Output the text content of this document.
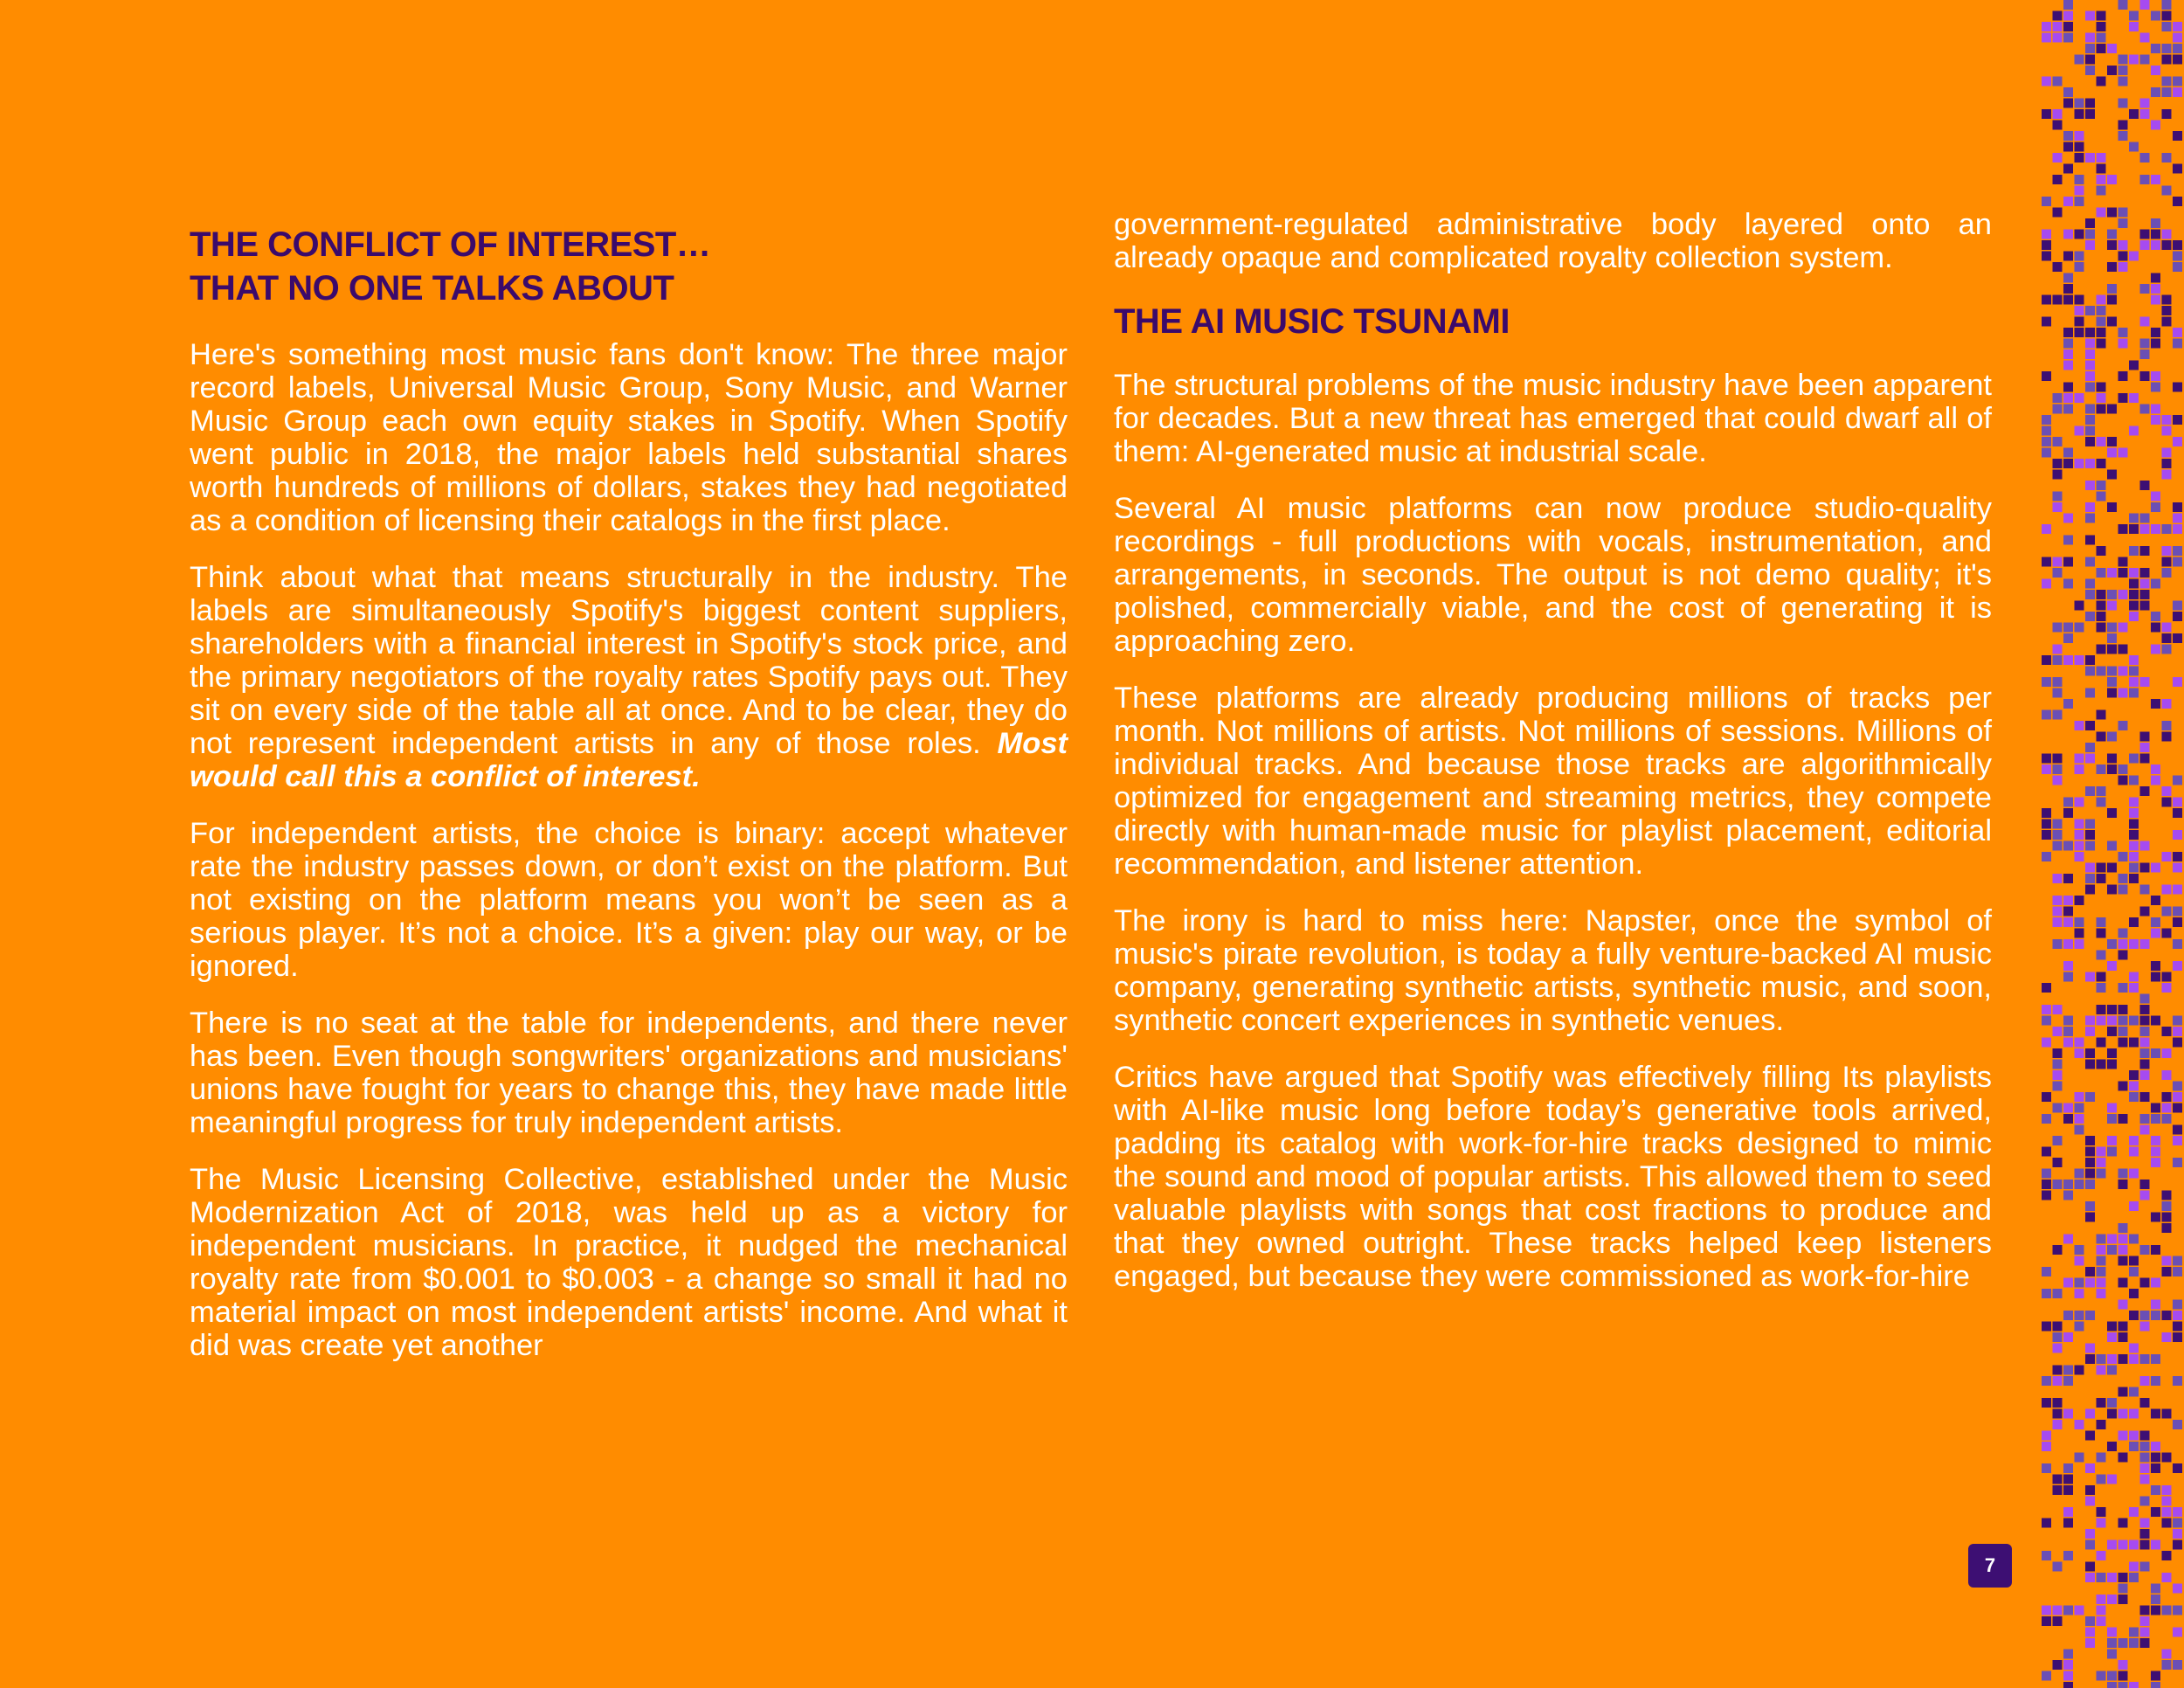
THE CONFLICT OF INTEREST…
THAT NO ONE TALKS ABOUT

Here's something most music fans don't know: The three major record labels, Universal Music Group, Sony Music, and Warner Music Group each own equity stakes in Spotify. When Spotify went public in 2018, the major labels held substantial shares worth hundreds of millions of dollars, stakes they had negotiated as a condition of licensing their catalogs in the first place.

Think about what that means structurally in the industry. The labels are simultaneously Spotify's biggest content suppliers, shareholders with a financial interest in Spotify's stock price, and the primary negotiators of the royalty rates Spotify pays out. They sit on every side of the table all at once. And to be clear, they do not represent independent artists in any of those roles. Most would call this a conflict of interest.

For independent artists, the choice is binary: accept whatever rate the industry passes down, or don’t exist on the platform. But not existing on the platform means you won’t be seen as a serious player. It’s not a choice. It’s a given: play our way, or be ignored.

There is no seat at the table for independents, and there never has been. Even though songwriters' organizations and musicians' unions have fought for years to change this, they have made little meaningful progress for truly independent artists.

The Music Licensing Collective, established under the Music Modernization Act of 2018, was held up as a victory for independent musicians. In practice, it nudged the mechanical royalty rate from $0.001 to $0.003 - a change so small it had no material impact on most independent artists' income. And what it did was create yet another

government-regulated administrative body layered onto an already opaque and complicated royalty collection system.

THE AI MUSIC TSUNAMI

The structural problems of the music industry have been apparent for decades. But a new threat has emerged that could dwarf all of them: AI-generated music at industrial scale.

Several AI music platforms can now produce studio-quality recordings - full productions with vocals, instrumentation, and arrangements, in seconds. The output is not demo quality; it's polished, commercially viable, and the cost of generating it is approaching zero.

These platforms are already producing millions of tracks per month. Not millions of artists. Not millions of sessions. Millions of individual tracks. And because those tracks are algorithmically optimized for engagement and streaming metrics, they compete directly with human-made music for playlist placement, editorial recommendation, and listener attention.

The irony is hard to miss here: Napster, once the symbol of music's pirate revolution, is today a fully venture-backed AI music company, generating synthetic artists, synthetic music, and soon, synthetic concert experiences in synthetic venues.

Critics have argued that Spotify was effectively filling Its playlists with AI-like music long before today’s generative tools arrived, padding its catalog with work-for-hire tracks designed to mimic the sound and mood of popular artists. This allowed them to seed valuable playlists with songs that cost fractions to produce and that they owned outright. These tracks helped keep listeners engaged, but because they were commissioned as work-for-hire

7
